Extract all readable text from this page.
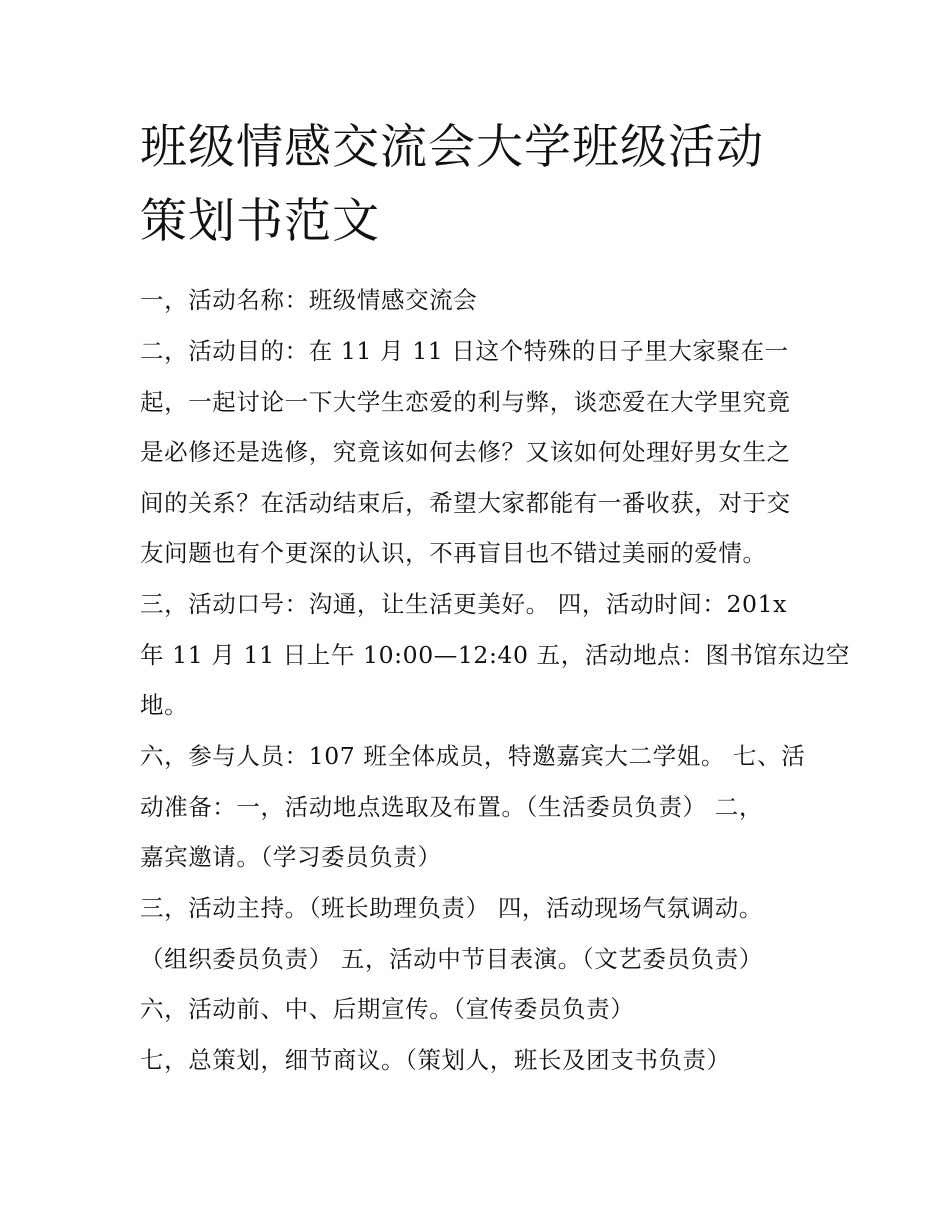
班级情感交流会大学班级活动
策划书范文
一，活动名称：班级情感交流会
二，活动目的：在 11 月 11 日这个特殊的日子里大家聚在一
起，一起讨论一下大学生恋爱的利与弊，谈恋爱在大学里究竟
是必修还是选修，究竟该如何去修？又该如何处理好男女生之
间的关系？在活动结束后，希望大家都能有一番收获，对于交
友问题也有个更深的认识，不再盲目也不错过美丽的爱情。
三，活动口号：沟通，让生活更美好。 四，活动时间：201x
年 11 月 11 日上午 10:00—12:40 五，活动地点：图书馆东边空
地。
六，参与人员：107 班全体成员，特邀嘉宾大二学姐。 七、活
动准备：一，活动地点选取及布置。（生活委员负责） 二，
嘉宾邀请。（学习委员负责）
三，活动主持。（班长助理负责） 四，活动现场气氛调动。
（组织委员负责） 五，活动中节目表演。（文艺委员负责）
六，活动前、中、后期宣传。（宣传委员负责）
七，总策划，细节商议。（策划人，班长及团支书负责）
